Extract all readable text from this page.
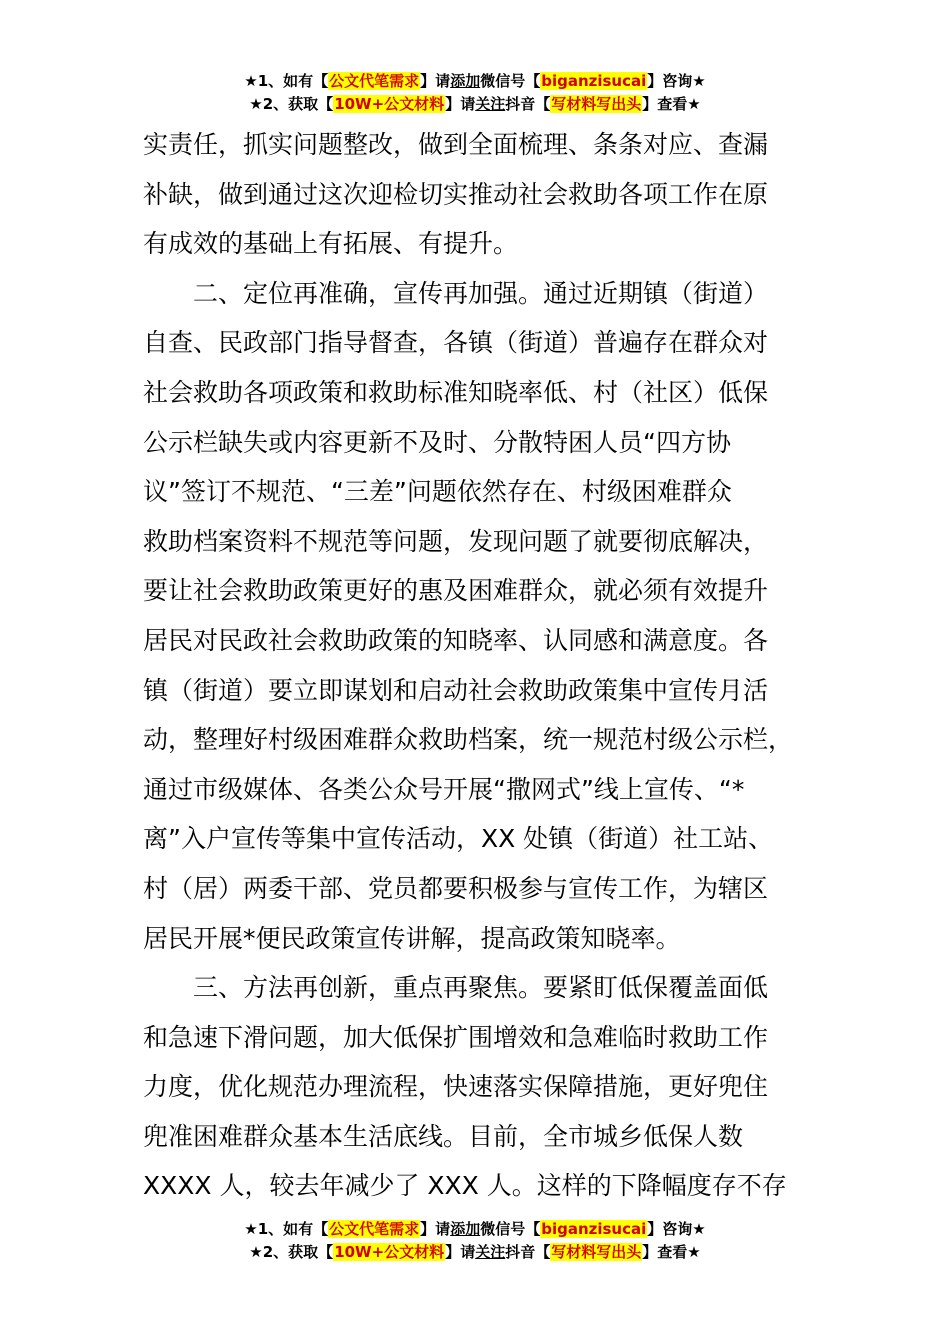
★1、如有【公文代笔需求】请添加微信号【biganzisucai】咨询★
★2、获取【10W+公文材料】请关注抖音【写材料写出头】查看★
实责任，抓实问题整改，做到全面梳理、条条对应、查漏
补缺，做到通过这次迎检切实推动社会救助各项工作在原
有成效的基础上有拓展、有提升。
二、定位再准确，宣传再加强。通过近期镇（街道）
自查、民政部门指导督查，各镇（街道）普遍存在群众对
社会救助各项政策和救助标准知晓率低、村（社区）低保
公示栏缺失或内容更新不及时、分散特困人员“四方协
议”签订不规范、“三差”问题依然存在、村级困难群众
救助档案资料不规范等问题，发现问题了就要彻底解决，
要让社会救助政策更好的惠及困难群众，就必须有效提升
居民对民政社会救助政策的知晓率、认同感和满意度。各
镇（街道）要立即谋划和启动社会救助政策集中宣传月活
动，整理好村级困难群众救助档案，统一规范村级公示栏，
通过市级媒体、各类公众号开展“撒网式”线上宣传、“*
离”入户宣传等集中宣传活动，XX 处镇（街道）社工站、
村（居）两委干部、党员都要积极参与宣传工作，为辖区
居民开展*便民政策宣传讲解，提高政策知晓率。
三、方法再创新，重点再聚焦。要紧盯低保覆盖面低
和急速下滑问题，加大低保扩围增效和急难临时救助工作
力度，优化规范办理流程，快速落实保障措施，更好兜住
兜准困难群众基本生活底线。目前，全市城乡低保人数
XXXX 人，较去年减少了 XXX 人。这样的下降幅度存不存
★1、如有【公文代笔需求】请添加微信号【biganzisucai】咨询★
★2、获取【10W+公文材料】请关注抖音【写材料写出头】查看★
